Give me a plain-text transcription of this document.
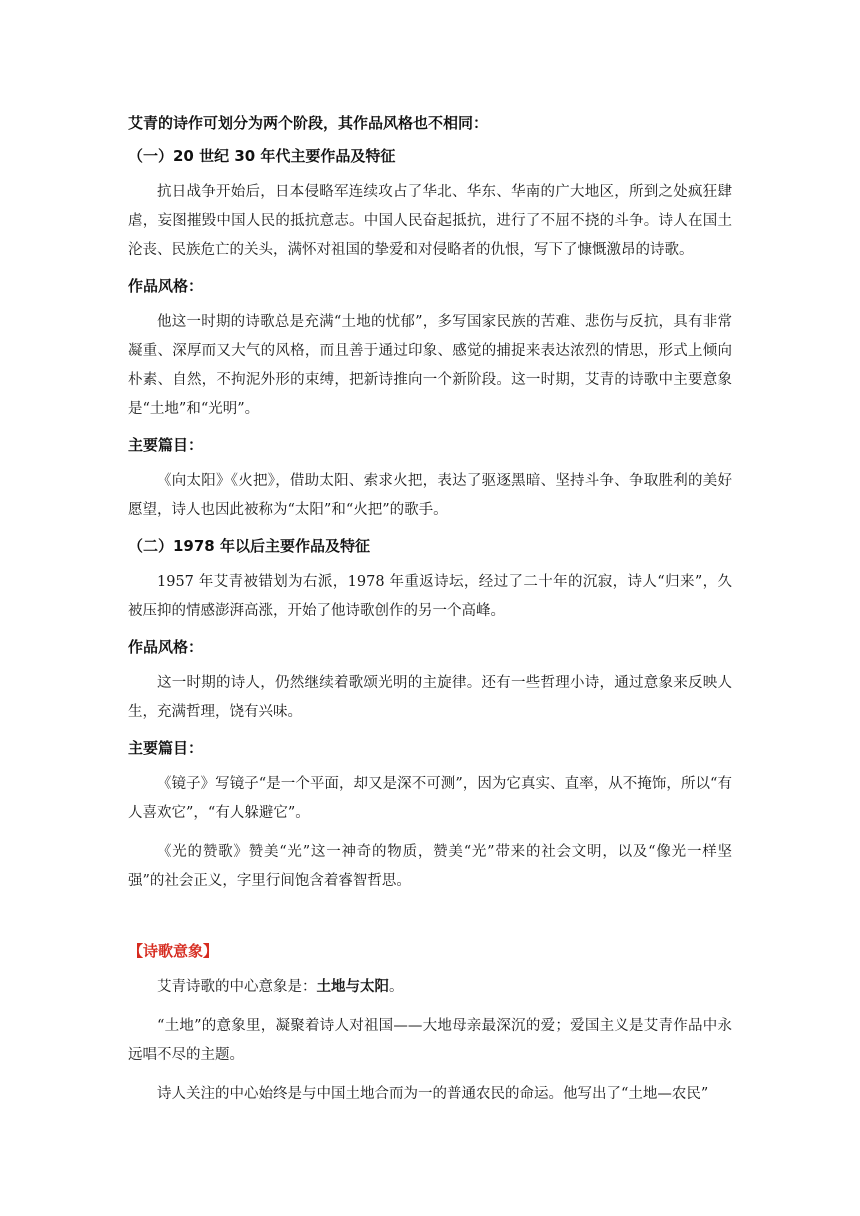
艾青的诗作可划分为两个阶段，其作品风格也不相同：
（一）20 世纪 30 年代主要作品及特征

抗日战争开始后，日本侵略军连续攻占了华北、华东、华南的广大地区，所到之处疯狂肆虐，妄图摧毁中国人民的抵抗意志。中国人民奋起抵抗，进行了不屈不挠的斗争。诗人在国土沦丧、民族危亡的关头，满怀对祖国的挚爱和对侵略者的仇恨，写下了慷慨激昂的诗歌。

作品风格：

他这一时期的诗歌总是充满“土地的忧郁”，多写国家民族的苦难、悲伤与反抗，具有非常凝重、深厚而又大气的风格，而且善于通过印象、感觉的捕捉来表达浓烈的情思，形式上倾向朴素、自然，不拘泥外形的束缚，把新诗推向一个新阶段。这一时期，艾青的诗歌中主要意象是“土地”和“光明”。

主要篇目：

《向太阳》《火把》，借助太阳、索求火把，表达了驱逐黑暗、坚持斗争、争取胜利的美好愿望，诗人也因此被称为“太阳”和“火把”的歌手。

（二）1978 年以后主要作品及特征

1957 年艾青被错划为右派，1978 年重返诗坛，经过了二十年的沉寂，诗人“归来”，久被压抑的情感澎湃高涨，开始了他诗歌创作的另一个高峰。

作品风格：

这一时期的诗人，仍然继续着歌颂光明的主旋律。还有一些哲理小诗，通过意象来反映人生，充满哲理，饶有兴味。

主要篇目：

《镜子》写镜子“是一个平面，却又是深不可测”，因为它真实、直率，从不掩饰，所以“有人喜欢它”，“有人躲避它”。

《光的赞歌》赞美“光”这一神奇的物质，赞美“光”带来的社会文明，以及“像光一样坚强”的社会正义，字里行间饱含着睿智哲思。

【诗歌意象】

艾青诗歌的中心意象是：土地与太阳。

“土地”的意象里，凝聚着诗人对祖国——大地母亲最深沉的爱；爱国主义是艾青作品中永远唱不尽的主题。

诗人关注的中心始终是与中国土地合而为一的普通农民的命运。他写出了“土地—农民”
